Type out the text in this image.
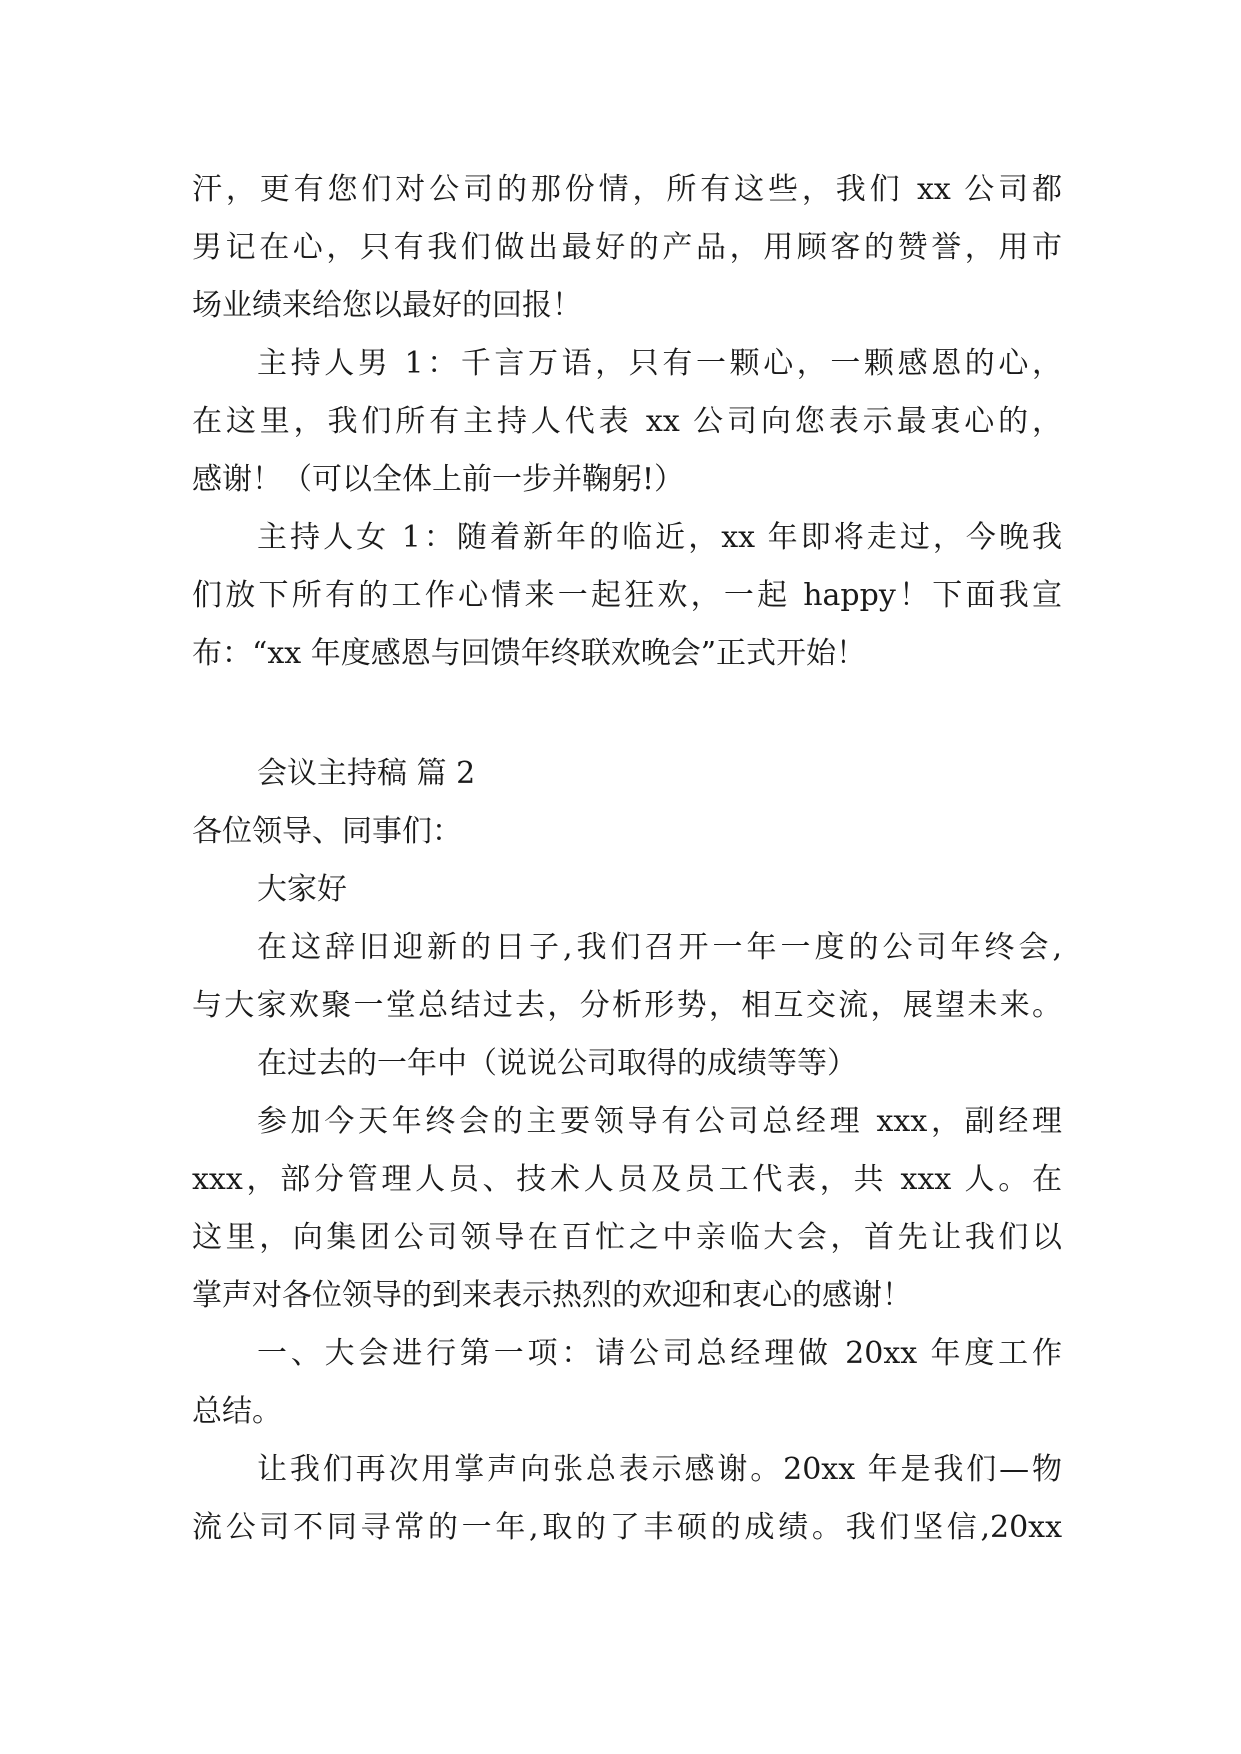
汗，更有您们对公司的那份情，所有这些，我们 xx 公司都
男记在心，只有我们做出最好的产品，用顾客的赞誉，用市
场业绩来给您以最好的回报！
主持人男 1：千言万语，只有一颗心，一颗感恩的心，
在这里，我们所有主持人代表 xx 公司向您表示最衷心的，
感谢！（可以全体上前一步并鞠躬!）
主持人女 1：随着新年的临近，xx 年即将走过，今晚我
们放下所有的工作心情来一起狂欢，一起 happy！下面我宣
布：“xx 年度感恩与回馈年终联欢晚会”正式开始！
会议主持稿 篇 2
各位领导、同事们：
大家好
在这辞旧迎新的日子,我们召开一年一度的公司年终会,
与大家欢聚一堂总结过去，分析形势，相互交流，展望未来。
在过去的一年中（说说公司取得的成绩等等）
参加今天年终会的主要领导有公司总经理 xxx，副经理
xxx，部分管理人员、技术人员及员工代表，共 xxx 人。在
这里，向集团公司领导在百忙之中亲临大会，首先让我们以
掌声对各位领导的到来表示热烈的欢迎和衷心的感谢！
一、大会进行第一项：请公司总经理做 20xx 年度工作
总结。
让我们再次用掌声向张总表示感谢。20xx 年是我们—物
流公司不同寻常的一年,取的了丰硕的成绩。我们坚信,20xx
